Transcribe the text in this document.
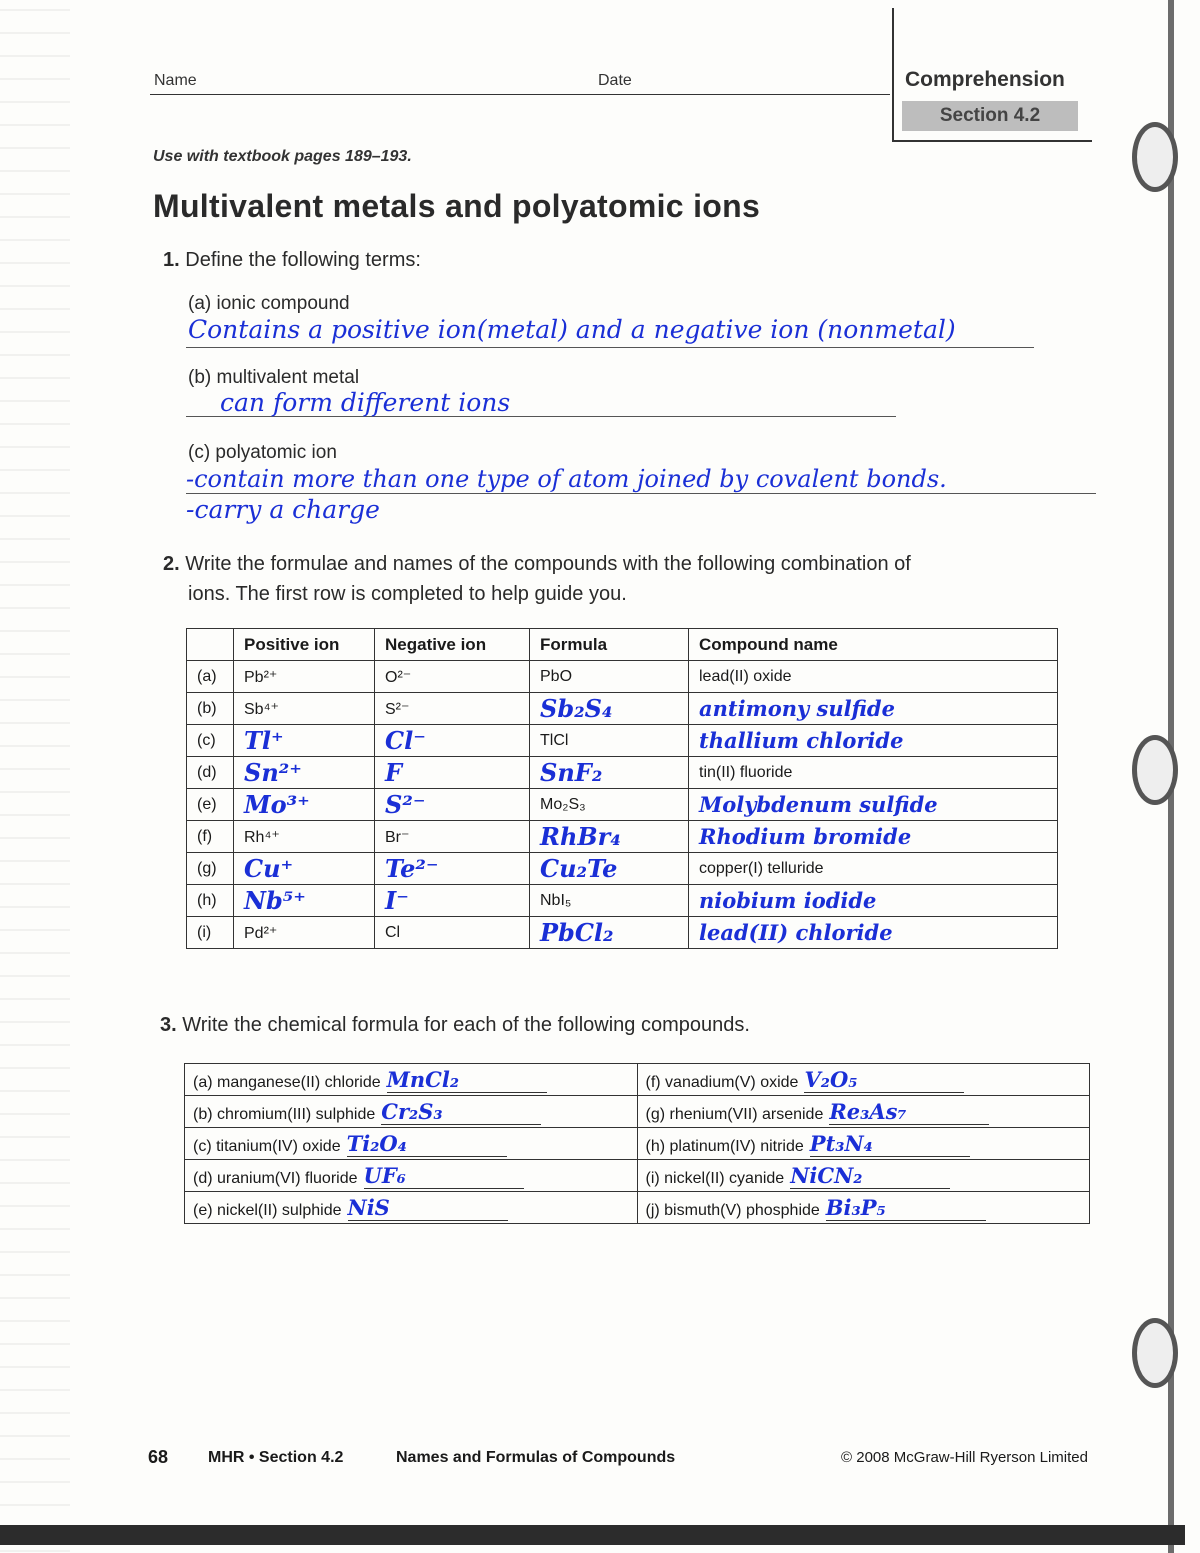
Name	Date	Comprehension
Section 4.2
Use with textbook pages 189–193.
Multivalent metals and polyatomic ions
1. Define the following terms:
(a) ionic compound
Contains a positive ion(metal) and a negative ion (nonmetal)
(b) multivalent metal
can form different ions
(c) polyatomic ion
-contain more than one type of atom joined by covalent bonds.
-carry a charge
2. Write the formulae and names of the compounds with the following combination of
ions. The first row is completed to help guide you.
	Positive ion	Negative ion	Formula	Compound name
(a)	Pb²⁺	O²⁻	PbO	lead(II) oxide
(b)	Sb⁴⁺	S²⁻	Sb₂S₄	antimony sulfide
(c)	Tl⁺	Cl⁻	TlCl	thallium chloride
(d)	Sn²⁺	F	SnF₂	tin(II) fluoride
(e)	Mo³⁺	S²⁻	Mo₂S₃	Molybdenum sulfide
(f)	Rh⁴⁺	Br⁻	RhBr₄	Rhodium bromide
(g)	Cu⁺	Te²⁻	Cu₂Te	copper(I) telluride
(h)	Nb⁵⁺	I⁻	NbI₅	niobium iodide
(i)	Pd²⁺	Cl	PbCl₂	lead(II) chloride
3. Write the chemical formula for each of the following compounds.
(a) manganese(II) chloride MnCl₂	(f) vanadium(V) oxide V₂O₅
(b) chromium(III) sulphide Cr₂S₃	(g) rhenium(VII) arsenide Re₃As₇
(c) titanium(IV) oxide Ti₂O₄	(h) platinum(IV) nitride Pt₃N₄
(d) uranium(VI) fluoride UF₆	(i) nickel(II) cyanide NiCN₂
(e) nickel(II) sulphide NiS	(j) bismuth(V) phosphide Bi₃P₅
68 MHR • Section 4.2	Names and Formulas of Compounds	© 2008 McGraw-Hill Ryerson Limited
